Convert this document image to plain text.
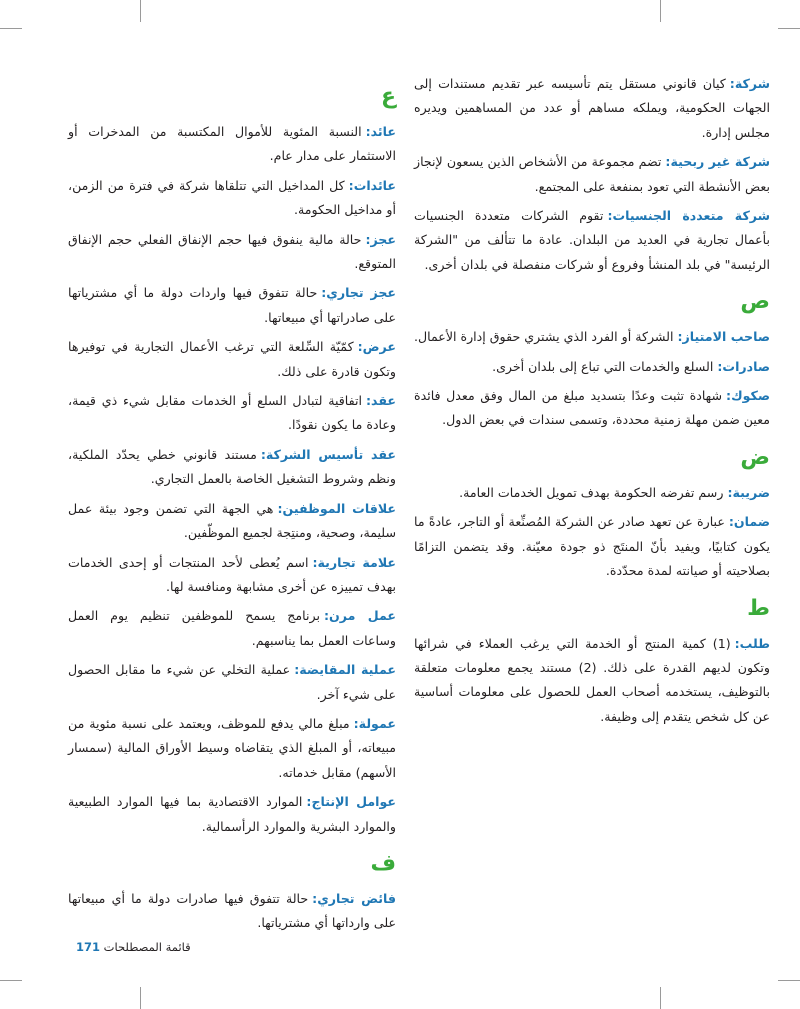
شركة:كيان قانوني مستقل يتم تأسيسه عبر تقديم مستندات إلى الجهات الحكومية، ويملكه مساهم أو عدد من المساهمين ويديره مجلس إدارة.

شركة غير ربحية:تضم مجموعة من الأشخاص الذين يسعون لإنجاز بعض الأنشطة التي تعود بمنفعة على المجتمع.

شركة متعددة الجنسيات:تقوم الشركات متعددة الجنسيات بأعمال تجارية في العديد من البلدان. عادة ما تتألف من "الشركة الرئيسة" في بلد المنشأ وفروع أو شركات منفصلة في بلدان أخرى.

ص

صاحب الامتياز:الشركة أو الفرد الذي يشتري حقوق إدارة الأعمال.

صادرات:السلع والخدمات التي تباع إلى بلدان أخرى.

صكوك:شهادة تثبت وعدًا بتسديد مبلغ من المال وفق معدل فائدة معين ضمن مهلة زمنية محددة، وتسمى سندات في بعض الدول.

ض

ضريبة:رسم تفرضه الحكومة بهدف تمويل الخدمات العامة.

ضمان:عبارة عن تعهد صادر عن الشركة المُصنِّعة أو التاجر، عادةً ما يكون كتابيًا، ويفيد بأنّ المنتَج ذو جودة معيّنة. وقد يتضمن التزامًا بصلاحيته أو صيانته لمدة محدّدة.

ط

طلب:(1) كمية المنتج أو الخدمة التي يرغب العملاء في شرائها وتكون لديهم القدرة على ذلك. (2) مستند يجمع معلومات متعلقة بالتوظيف، يستخدمه أصحاب العمل للحصول على معلومات أساسية عن كل شخص يتقدم إلى وظيفة.

ع

عائد:النسبة المئوية للأموال المكتسبة من المدخرات أو الاستثمار على مدار عام.

عائدات:كل المداخيل التي تتلقاها شركة في فترة من الزمن، أو مداخيل الحكومة.

عجز:حالة مالية ينفوق فيها حجم الإنفاق الفعلي حجم الإنفاق المتوقع.

عجز تجاري:حالة تتفوق فيها واردات دولة ما أي مشترياتها على صادراتها أي مبيعاتها.

عرض:كمّيّة السِّلعة التي ترغب الأعمال التجارية في توفيرها وتكون قادرة على ذلك.

عقد:اتفاقية لتبادل السلع أو الخدمات مقابل شيء ذي قيمة، وعادة ما يكون نقودًا.

عقد تأسيس الشركة:مستند قانوني خطي يحدّد الملكية، ونظم وشروط التشغيل الخاصة بالعمل التجاري.

علاقات الموظفين:هي الجهة التي تضمن وجود بيئة عمل سليمة، وصحية، ومنتِجة لجميع الموظّفين.

علامة تجارية:اسم يُعطى لأحد المنتجات أو إحدى الخدمات بهدف تمييزه عن أخرى مشابهة ومنافسة لها.

عمل مرن:برنامج يسمح للموظفين تنظيم يوم العمل وساعات العمل بما يناسبهم.

عملية المقايضة:عملية التخلي عن شيء ما مقابل الحصول على شيء آخر.

عمولة:مبلغ مالي يدفع للموظف، ويعتمد على نسبة مئوية من مبيعاته، أو المبلغ الذي يتقاضاه وسيط الأوراق المالية (سمسار الأسهم) مقابل خدماته.

عوامل الإنتاج:الموارد الاقتصادية بما فيها الموارد الطبيعية والموارد البشرية والموارد الرأسمالية.

ف

فائض تجاري:حالة تتفوق فيها صادرات دولة ما أي مبيعاتها على وارداتها أي مشترياتها.

قائمة المصطلحات 171
